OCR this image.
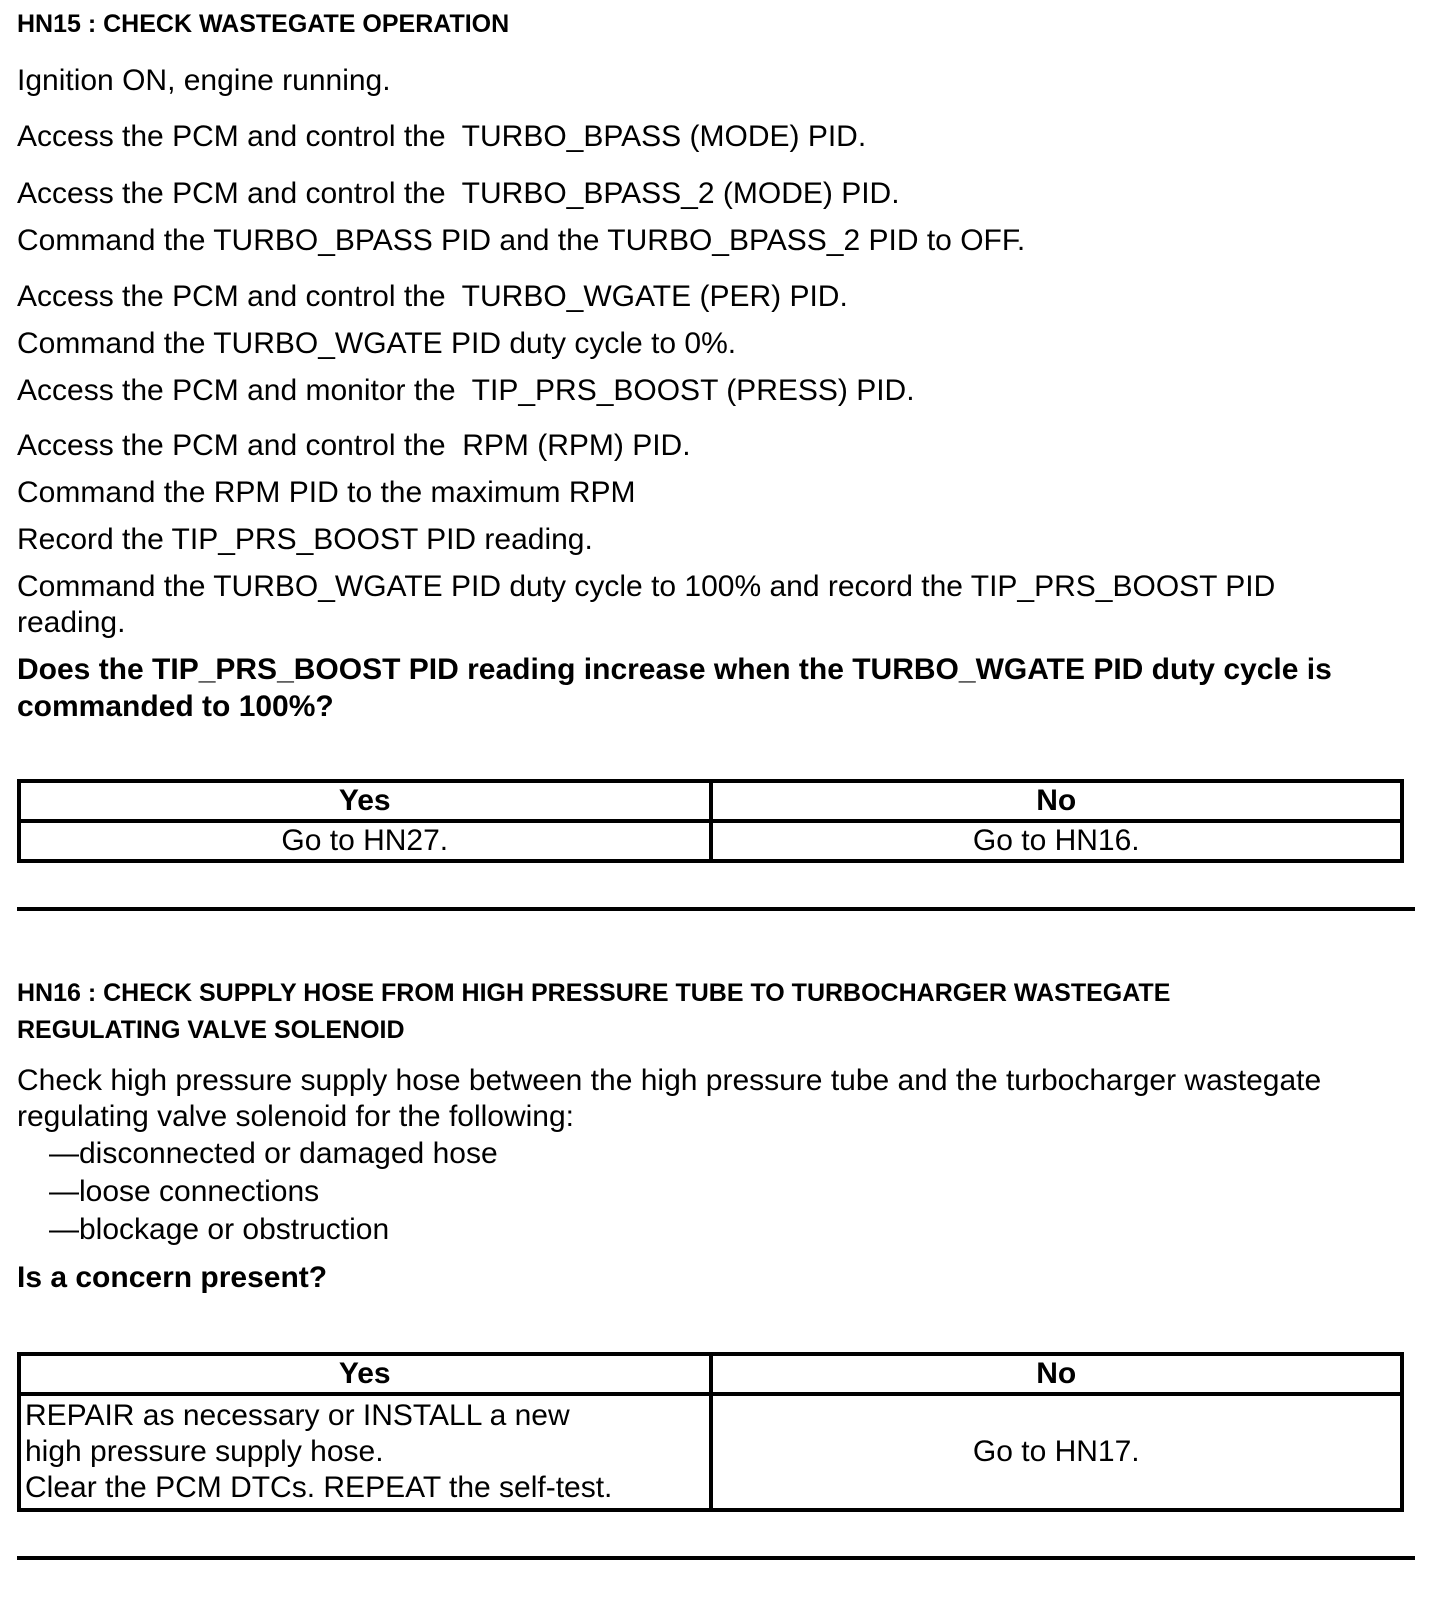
HN15 : CHECK WASTEGATE OPERATION

Ignition ON, engine running.

Access the PCM and control the  TURBO_BPASS (MODE) PID.

Access the PCM and control the  TURBO_BPASS_2 (MODE) PID.

Command the TURBO_BPASS PID and the TURBO_BPASS_2 PID to OFF.

Access the PCM and control the  TURBO_WGATE (PER) PID.

Command the TURBO_WGATE PID duty cycle to 0%.

Access the PCM and monitor the  TIP_PRS_BOOST (PRESS) PID.

Access the PCM and control the  RPM (RPM) PID.

Command the RPM PID to the maximum RPM

Record the TIP_PRS_BOOST PID reading.

Command the TURBO_WGATE PID duty cycle to 100% and record the TIP_PRS_BOOST PID reading.

Does the TIP_PRS_BOOST PID reading increase when the TURBO_WGATE PID duty cycle is commanded to 100%?

Yes	No
Go to HN27.	Go to HN16.

HN16 : CHECK SUPPLY HOSE FROM HIGH PRESSURE TUBE TO TURBOCHARGER WASTEGATE

REGULATING VALVE SOLENOID

Check high pressure supply hose between the high pressure tube and the turbocharger wastegate regulating valve solenoid for the following:

—disconnected or damaged hose

—loose connections

—blockage or obstruction

Is a concern present?

Yes	No

REPAIR as necessary or INSTALL a new
high pressure supply hose.
Clear the PCM DTCs. REPEAT the self-test.	Go to HN17.
